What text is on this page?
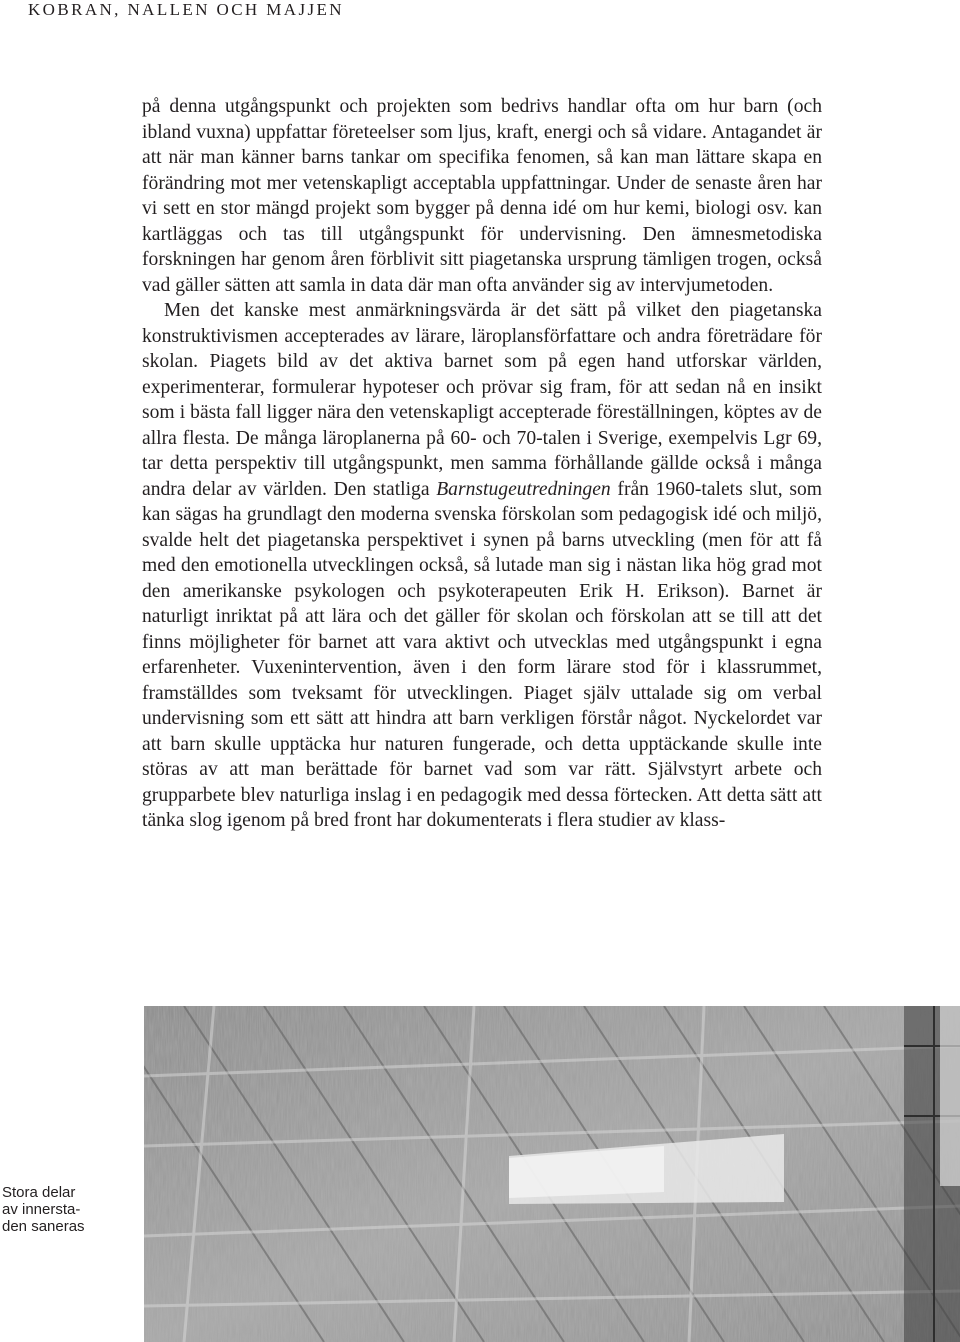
KOBRAN, NALLEN OCH MAJJEN

på denna utgångspunkt och projekten som bedrivs handlar ofta om hur barn (och ibland vuxna) uppfattar företeelser som ljus, kraft, energi och så vidare. Antagandet är att när man känner barns tankar om specifika fenomen, så kan man lättare skapa en förändring mot mer vetenskapligt acceptabla uppfattningar. Under de senaste åren har vi sett en stor mängd projekt som bygger på denna idé om hur kemi, biologi osv. kan kartläggas och tas till utgångspunkt för undervisning. Den ämnesmetodiska forskningen har genom åren förblivit sitt piagetanska ursprung tämligen trogen, också vad gäller sätten att samla in data där man ofta använder sig av intervjumetoden.

Men det kanske mest anmärkningsvärda är det sätt på vilket den piagetanska konstruktivismen accepterades av lärare, läroplansförfattare och andra företrädare för skolan. Piagets bild av det aktiva barnet som på egen hand utforskar världen, experimenterar, formulerar hypoteser och prövar sig fram, för att sedan nå en insikt som i bästa fall ligger nära den vetenskapligt accepterade föreställningen, köptes av de allra flesta. De många läroplanerna på 60- och 70-talen i Sverige, exempelvis Lgr 69, tar detta perspektiv till utgångspunkt, men samma förhållande gällde också i många andra delar av världen. Den statliga Barnstugeutredningen från 1960-talets slut, som kan sägas ha grundlagt den moderna svenska förskolan som pedagogisk idé och miljö, svalde helt det piagetanska perspektivet i synen på barns utveckling (men för att få med den emotionella utvecklingen också, så lutade man sig i nästan lika hög grad mot den amerikanske psykologen och psykoterapeuten Erik H. Erikson). Barnet är naturligt inriktat på att lära och det gäller för skolan och förskolan att se till att det finns möjligheter för barnet att vara aktivt och utvecklas med utgångspunkt i egna erfarenheter. Vuxenintervention, även i den form lärare stod för i klassrummet, framställdes som tveksamt för utvecklingen. Piaget själv uttalade sig om verbal undervisning som ett sätt att hindra att barn verkligen förstår något. Nyckelordet var att barn skulle upptäcka hur naturen fungerade, och detta upptäckande skulle inte störas av att man berättade för barnet vad som var rätt. Självstyrt arbete och grupparbete blev naturliga inslag i en pedagogik med dessa förtecken. Att detta sätt att tänka slog igenom på bred front har dokumenterats i flera studier av klass-

Stora delar
av innersta-
den saneras
